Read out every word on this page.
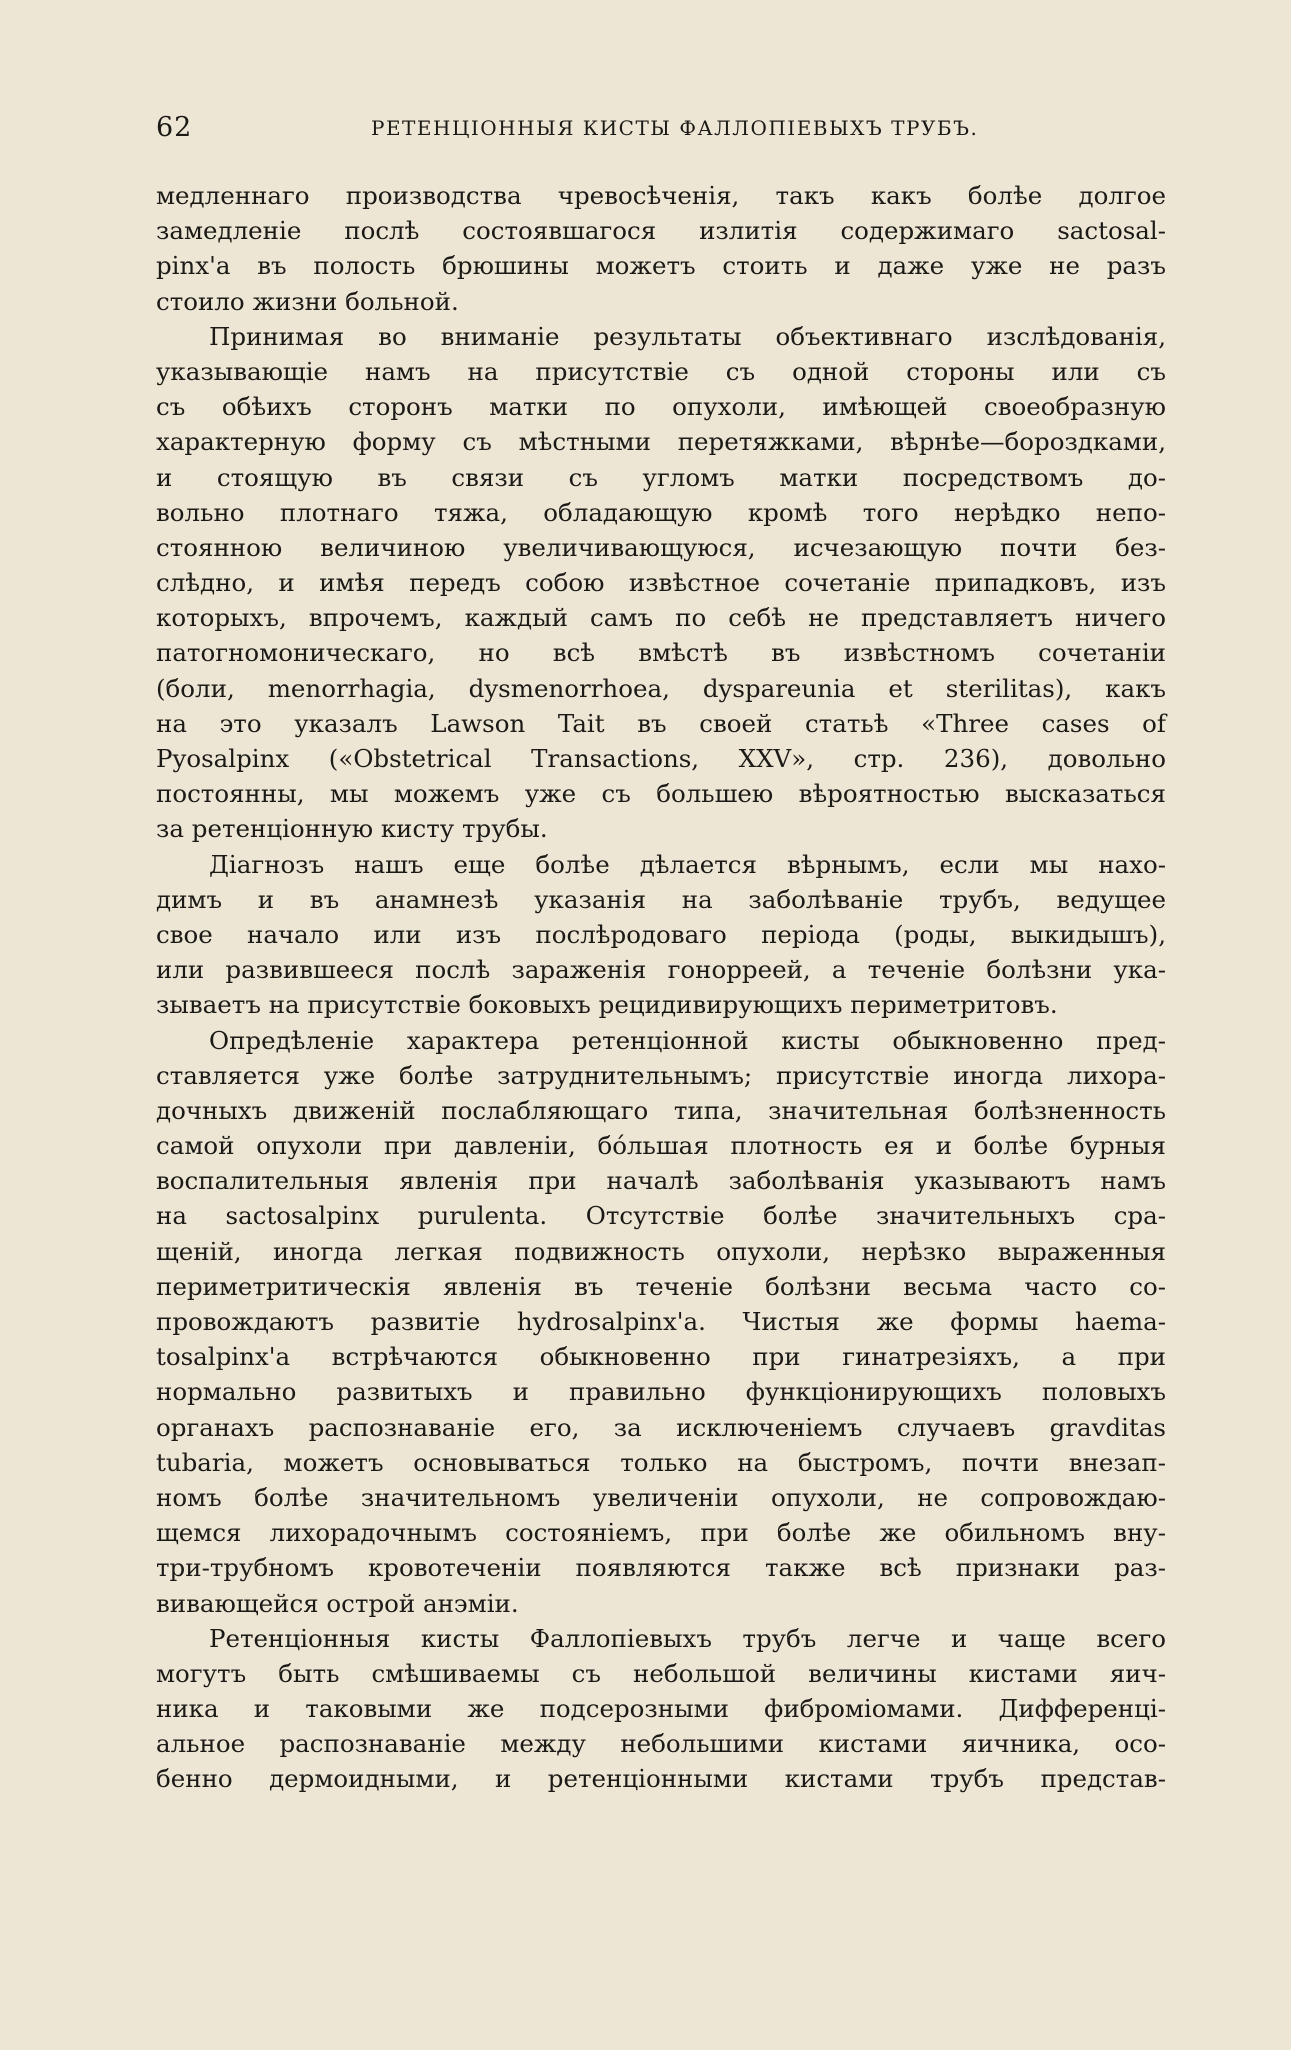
62	РЕТЕНЦІОННЫЯ КИСТЫ ФАЛЛОПІЕВЫХЪ ТРУБЪ.
медленнаго производства чревосѣченія, такъ какъ болѣе долгое
замедленіе послѣ состоявшагося излитія содержимаго sactosal-
pinx'а въ полость брюшины можетъ стоить и даже уже не разъ
стоило жизни больной.
Принимая во вниманіе результаты объективнаго изслѣдованія,
указывающіе намъ на присутствіе съ одной стороны или съ
съ обѣихъ сторонъ матки по опухоли, имѣющей своеобразную
характерную форму съ мѣстными перетяжками, вѣрнѣе—бороздками,
и стоящую въ связи съ угломъ матки посредствомъ до-
вольно плотнаго тяжа, обладающую кромѣ того нерѣдко непо-
стоянною величиною увеличивающуюся, исчезающую почти без-
слѣдно, и имѣя передъ собою извѣстное сочетаніе припадковъ, изъ
которыхъ, впрочемъ, каждый самъ по себѣ не представляетъ ничего
патогномоническаго, но всѣ вмѣстѣ въ извѣстномъ сочетаніи
(боли, menorrhagia, dysmenorrhoea, dyspareunia et sterilitas), какъ
на это указалъ Lawson Tait въ своей статьѣ «Three cases of
Pyosalpinx («Obstetrical Transactions, XXV», стр. 236), довольно
постоянны, мы можемъ уже съ большею вѣроятностью высказаться
за ретенціонную кисту трубы.
Діагнозъ нашъ еще болѣе дѣлается вѣрнымъ, если мы нахо-
димъ и въ анамнезѣ указанія на заболѣваніе трубъ, ведущее
свое начало или изъ послѣродоваго періода (роды, выкидышъ),
или развившееся послѣ зараженія гонорреей, а теченіе болѣзни ука-
зываетъ на присутствіе боковыхъ рецидивирующихъ периметритовъ.
Опредѣленіе характера ретенціонной кисты обыкновенно пред-
ставляется уже болѣе затруднительнымъ; присутствіе иногда лихора-
дочныхъ движеній послабляющаго типа, значительная болѣзненность
самой опухоли при давленіи, бóльшая плотность ея и болѣе бурныя
воспалительныя явленія при началѣ заболѣванія указываютъ намъ
на sactosalpinx purulenta. Отсутствіе болѣе значительныхъ сра-
щеній, иногда легкая подвижность опухоли, нерѣзко выраженныя
периметритическія явленія въ теченіе болѣзни весьма часто со-
провождаютъ развитіе hydrosalpinx'а. Чистыя же формы haema-
tosalpinx'а встрѣчаются обыкновенно при гинатрезіяхъ, а при
нормально развитыхъ и правильно функціонирующихъ половыхъ
органахъ распознаваніе его, за исключеніемъ случаевъ gravditas
tubaria, можетъ основываться только на быстромъ, почти внезап-
номъ болѣе значительномъ увеличеніи опухоли, не сопровождаю-
щемся лихорадочнымъ состояніемъ, при болѣе же обильномъ вну-
три-трубномъ кровотеченіи появляются также всѣ признаки раз-
вивающейся острой анэміи.
Ретенціонныя кисты Фаллопіевыхъ трубъ легче и чаще всего
могутъ быть смѣшиваемы съ небольшой величины кистами яич-
ника и таковыми же подсерозными фиброміомами. Дифференці-
альное распознаваніе между небольшими кистами яичника, осо-
бенно дермоидными, и ретенціонными кистами трубъ представ-
